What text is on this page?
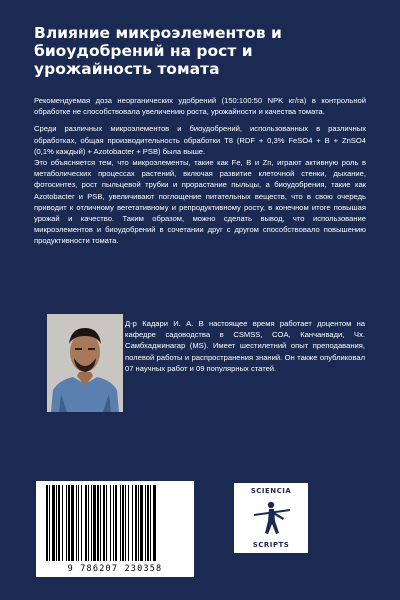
Влияние микроэлементов и биоудобрений на рост и урожайность томата

Рекомендуемая доза неорганических удобрений (150:100:50 NPK кг/га) в контрольной обработке не способствовала увеличению роста, урожайности и качества томата.

Среди различных микроэлементов и биоудобрений, использованных в различных обработках, общая производительность обработки T8 (RDF + 0,3% FeSO4 + B + ZnSO4 (0,1% каждый) + Azotobacter + PSB) была выше.

Это объясняется тем, что микроэлементы, такие как Fe, B и Zn, играют активную роль в метаболических процессах растений, включая развитие клеточной стенки, дыхание, фотосинтез, рост пыльцевой трубки и прорастание пыльцы, а биоудобрения, такие как Azotobacter и PSB, увеличивают поглощение питательных веществ, что в свою очередь приводит к отличному вегетативному и репродуктивному росту, в конечном итоге повышая урожай и качество. Таким образом, можно сделать вывод, что использование микроэлементов и биоудобрений в сочетании друг с другом способствовало повышению продуктивности томата.

Д-р Кадари И. А. В настоящее время работает доцентом на кафедре садоводства в CSMSS, COA, Канчанвади, Чх. Самбхаджинагар (MS). Имеет шестилетний опыт преподавания, полевой работы и распространения знаний. Он также опубликовал 07 научных работ и 09 популярных статей.
9 786207 230358
SCIENCIA
SCRIPTS
